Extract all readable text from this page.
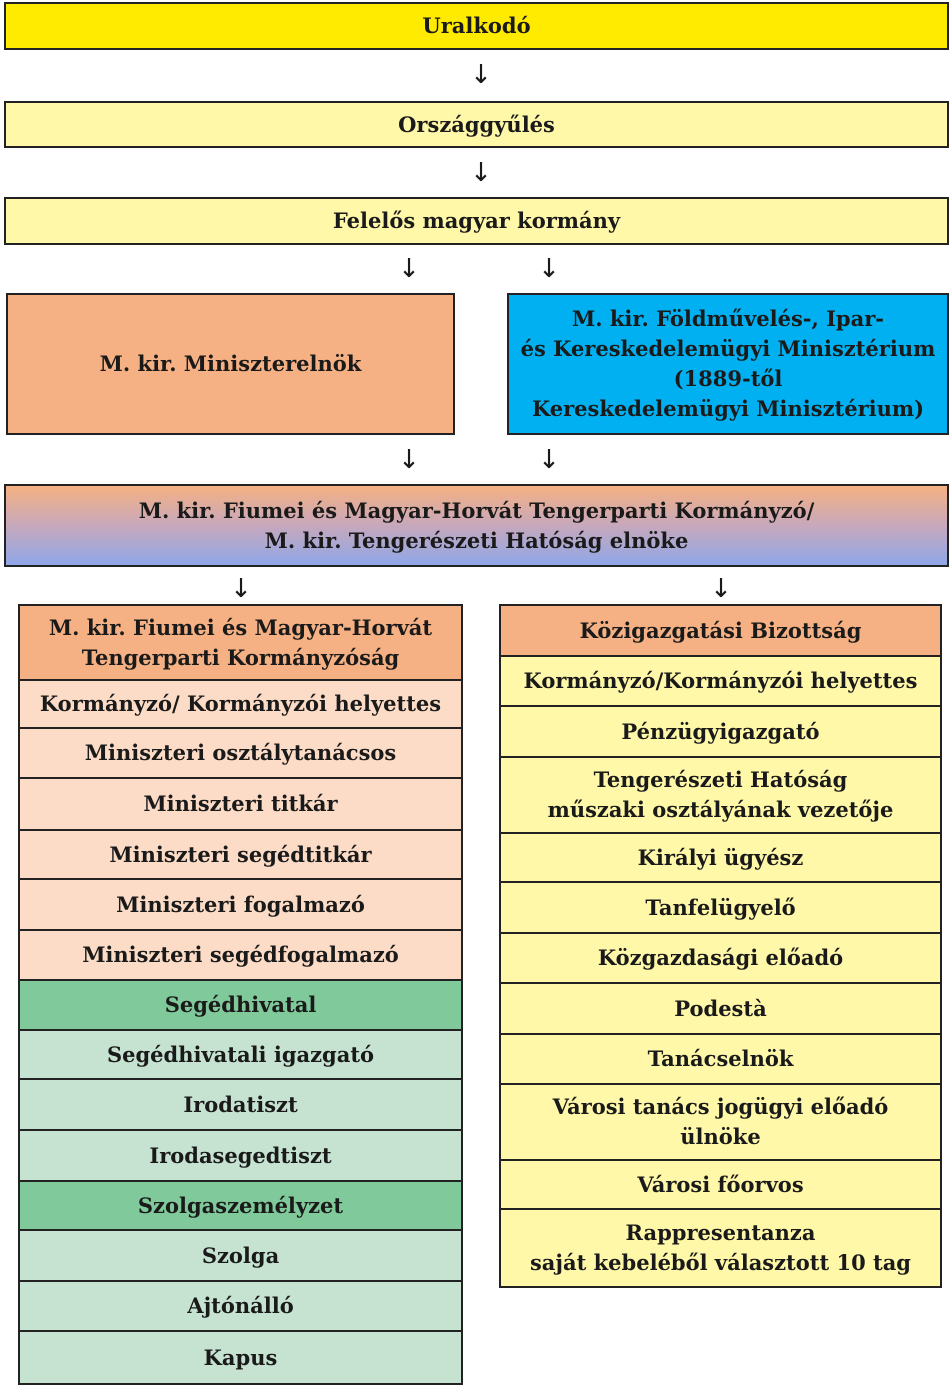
Uralkodó
↓
Országgyűlés
↓
Felelős magyar kormány
↓	↓
M. kir. Miniszterelnök
M. kir. Földművelés-, Ipar-
és Kereskedelemügyi Minisztérium
(1889-től
Kereskedelemügyi Minisztérium)
↓	↓
M. kir. Fiumei és Magyar-Horvát Tengerparti Kormányzó/
M. kir. Tengerészeti Hatóság elnöke
↓	↓
M. kir. Fiumei és Magyar-Horvát
Tengerparti Kormányzóság
Kormányzó/ Kormányzói helyettes
Miniszteri osztálytanácsos
Miniszteri titkár
Miniszteri segédtitkár
Miniszteri fogalmazó
Miniszteri segédfogalmazó
Segédhivatal
Segédhivatali igazgató
Irodatiszt
Irodasegedtiszt
Szolgaszemélyzet
Szolga
Ajtónálló
Kapus
Közigazgatási Bizottság
Kormányzó/Kormányzói helyettes
Pénzügyigazgató
Tengerészeti Hatóság
műszaki osztályának vezetője
Királyi ügyész
Tanfelügyelő
Közgazdasági előadó
Podestà
Tanácselnök
Városi tanács jogügyi előadó
ülnöke
Városi főorvos
Rappresentanza
saját kebeléből választott 10 tag
